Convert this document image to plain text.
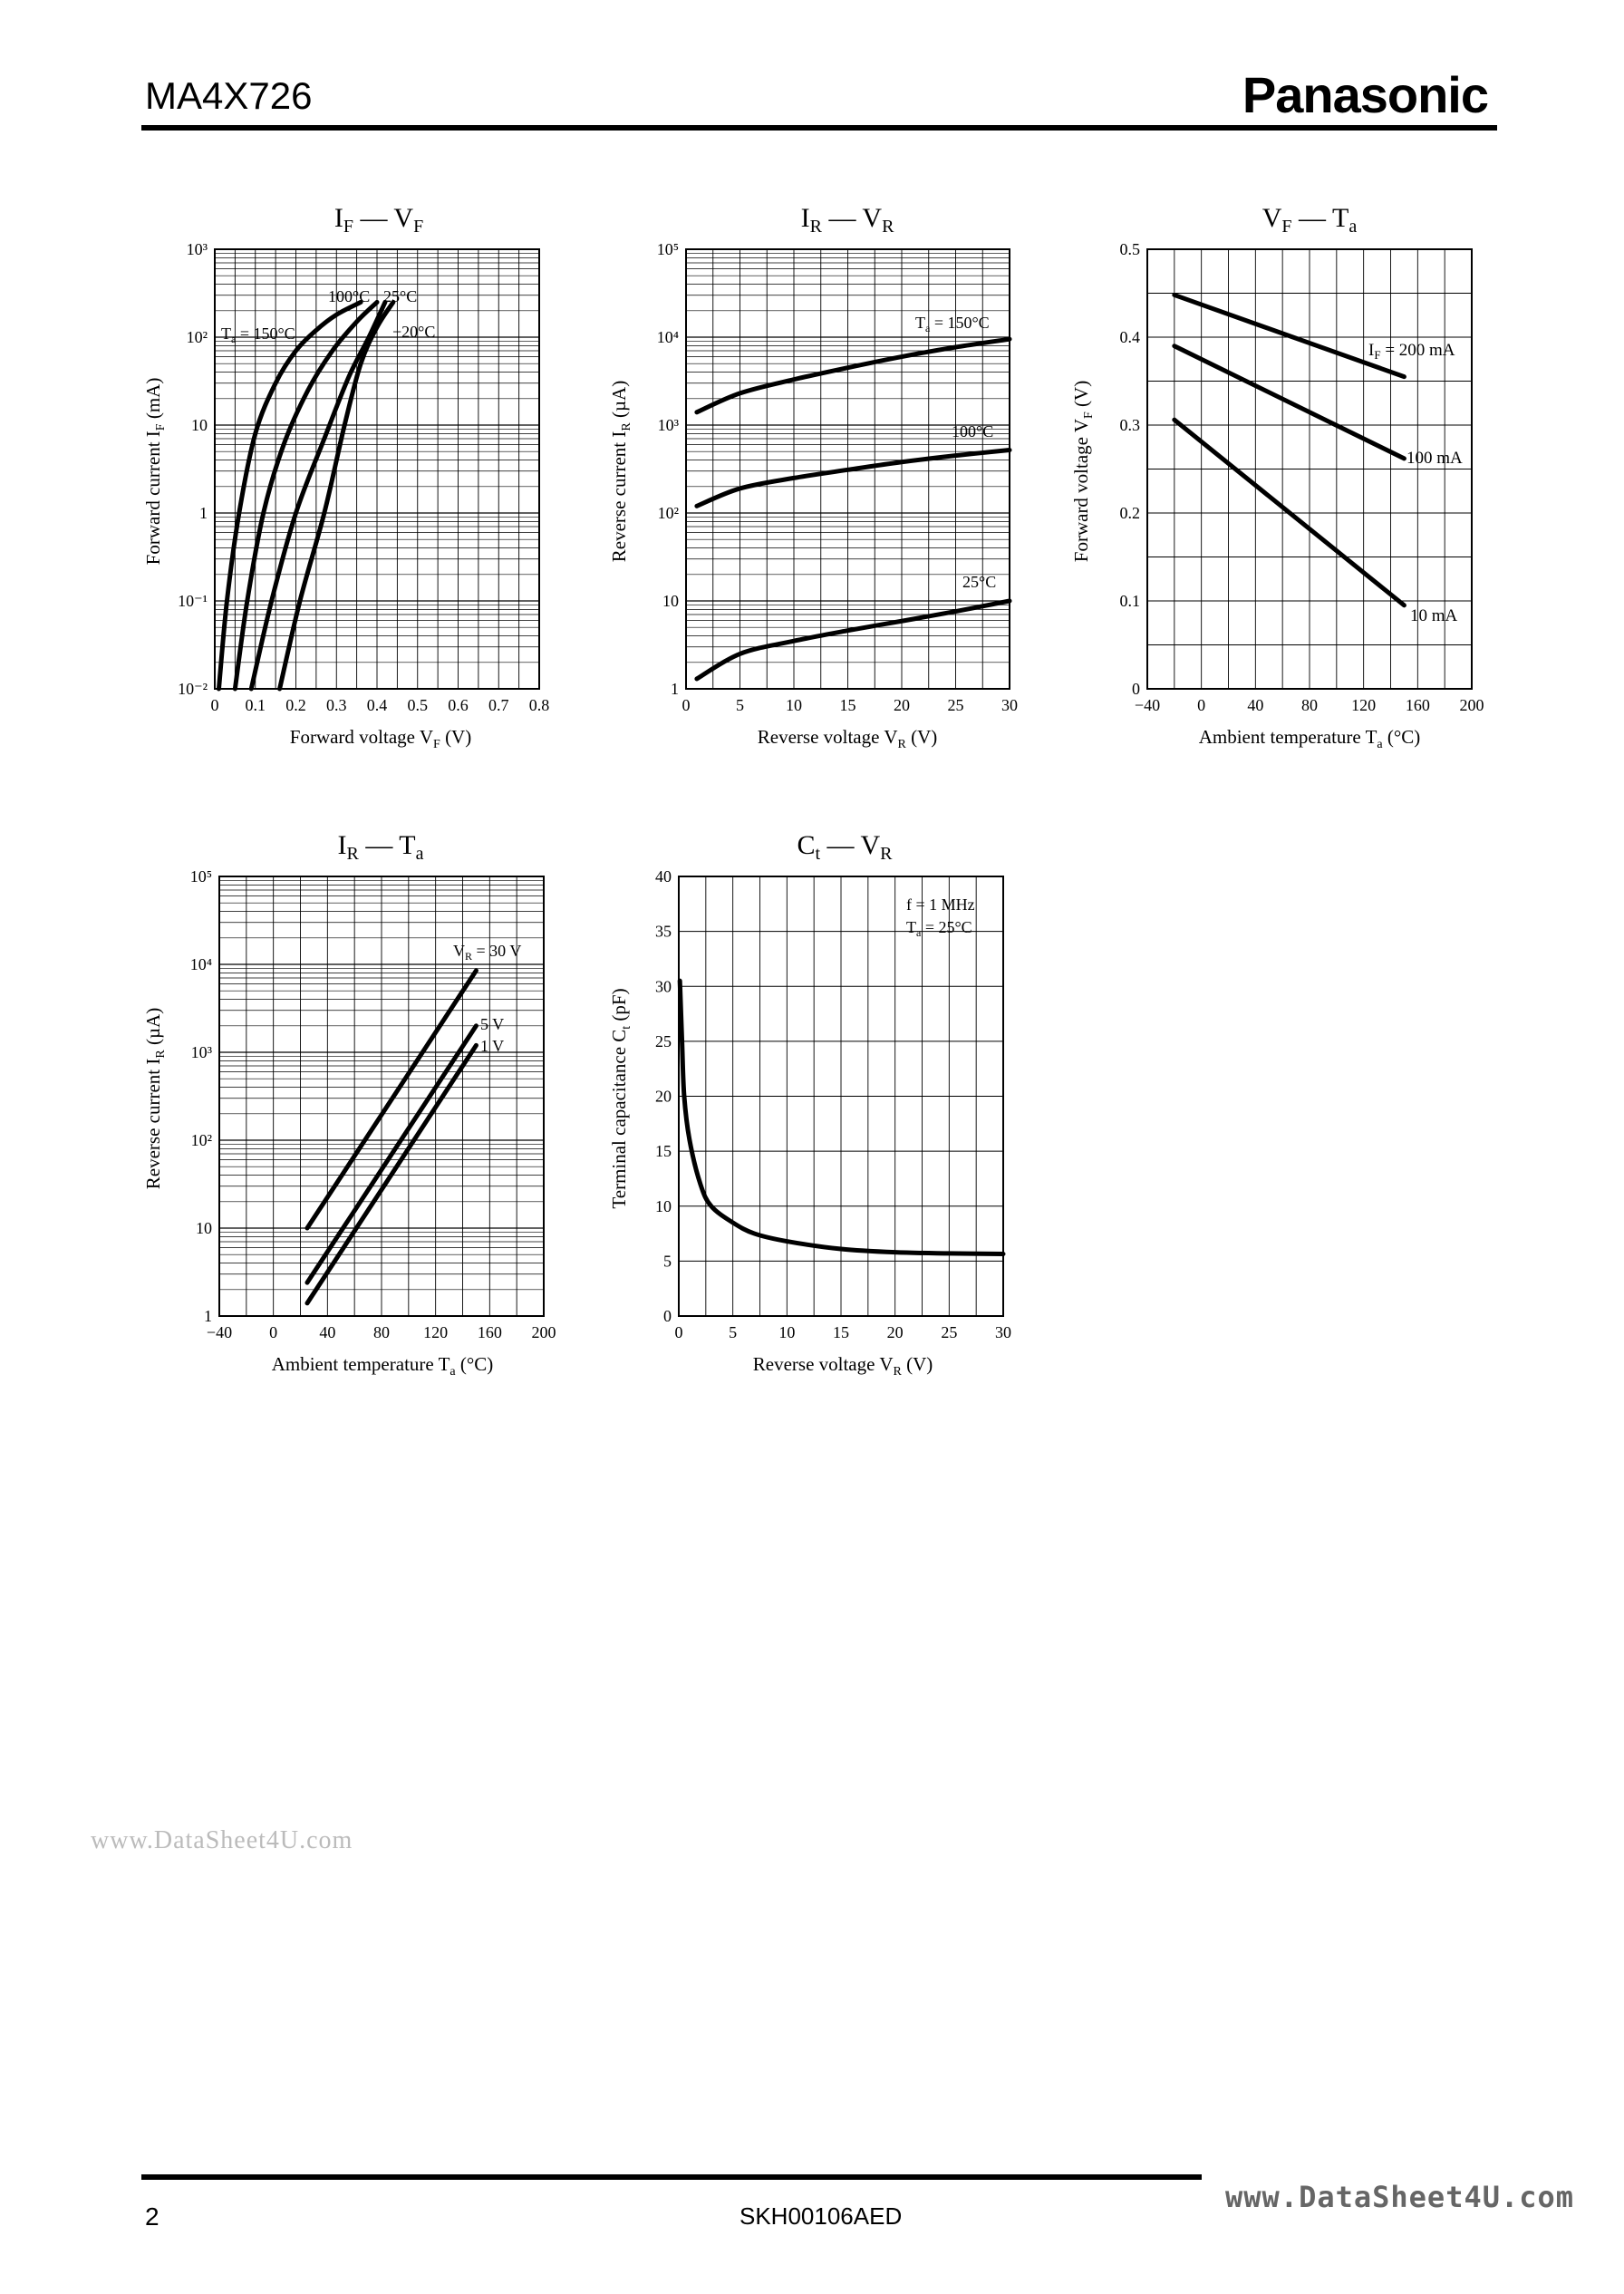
MA4X726	Panasonic
$I_F$ — $V_F$
0 0.1 0.2 0.3 0.4 0.5 0.6 0.7 0.8
10⁻²
10⁻¹
1
10
10²
10³
$T_a = 150^\circ C$
100°C 25°C
−20°C
Forward voltage $V_F$ (V)
Forward current $I_F$ (mA)
$I_R$ — $V_R$
0	5	10 15 20 25 30
1
10
10²
10³
10⁴
10⁵
$T_a = 150^\circ C$
100°C
25°C
Reverse voltage $V_R$ (V)
Reverse current $I_R$ (µA)
$V_F$ — $T_a$
−40 0	40 80 120 160 200
0
0.1
0.2
0.3
0.4
0.5
$I_F = 200$ mA
100 mA
10 mA
Ambient temperature $T_a$ (°C)
Forward voltage $V_F$ (V)
$I_R$ — $T_a$
−40 0	40 80 120 160 200
1
10
10²
10³
10⁴
10⁵
$V_R = 30$ V
5 V
1 V
Ambient temperature $T_a$ (°C)
Reverse current $I_R$ (µA)
$C_t$ — $V_R$
0	5	10 15 20 25 30
0
5
10
15
20
25
30
35
40
f = 1 MHz
$T_a = 25^\circ C$
Reverse voltage $V_R$ (V)
Terminal capacitance $C_t$ (pF)
www.DataSheet4U.com
2	SKH00106AED
www.DataSheet4U.com
